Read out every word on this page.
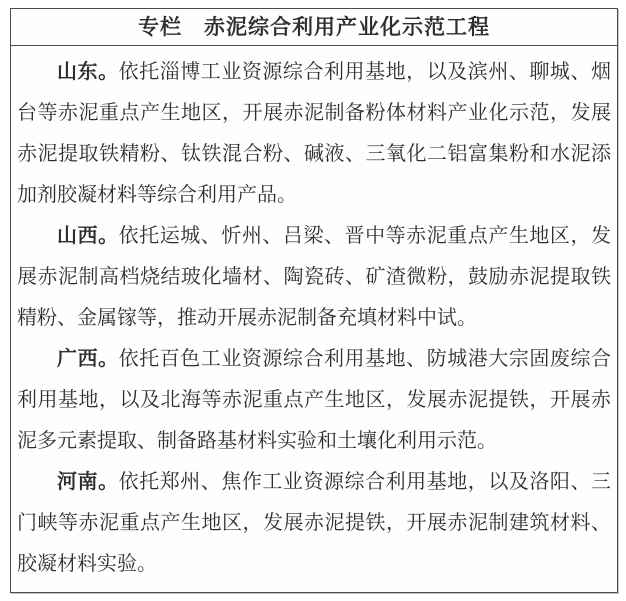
专栏　赤泥综合利用产业化示范工程

山东。依托淄博工业资源综合利用基地，以及滨州、聊城、烟台等赤泥重点产生地区，开展赤泥制备粉体材料产业化示范，发展赤泥提取铁精粉、钛铁混合粉、碱液、三氧化二铝富集粉和水泥添加剂胶凝材料等综合利用产品。

山西。依托运城、忻州、吕梁、晋中等赤泥重点产生地区，发展赤泥制高档烧结玻化墙材、陶瓷砖、矿渣微粉，鼓励赤泥提取铁精粉、金属镓等，推动开展赤泥制备充填材料中试。

广西。依托百色工业资源综合利用基地、防城港大宗固废综合利用基地，以及北海等赤泥重点产生地区，发展赤泥提铁，开展赤泥多元素提取、制备路基材料实验和土壤化利用示范。

河南。依托郑州、焦作工业资源综合利用基地，以及洛阳、三门峡等赤泥重点产生地区，发展赤泥提铁，开展赤泥制建筑材料、胶凝材料实验。
